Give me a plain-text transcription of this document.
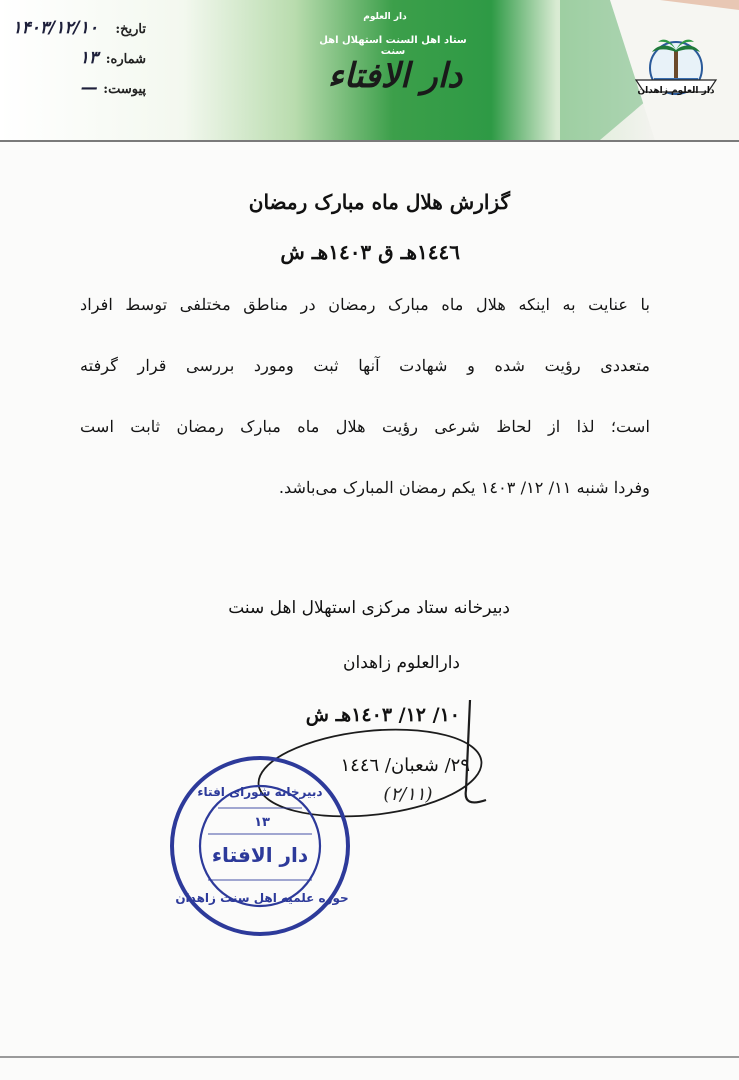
دار العلوم
ستاد اهل السنت استهلال اهل سنت
دار الافتاء	دار العلوم زاهدان
تاریخ:
۱۴۰۳/۱۲/۱۰
شماره:
۱۳
پیوست:
—
گزارش هلال ماه مبارک رمضان
١٤٤٦هـ ق ١٤٠٣هـ ش
با عنایت به اینکه هلال ماه مبارک رمضان در مناطق مختلفی توسط افراد
متعددی رؤیت شده و شهادت آنها ثبت ومورد بررسی قرار گرفته
است؛ لذا از لحاظ شرعی رؤیت هلال ماه مبارک رمضان ثابت است
وفردا شنبه ١١/ ١٢/ ١٤٠٣ یکم رمضان المبارک می‌باشد.
دبیرخانه ستاد مرکزی استهلال اهل سنت
دارالعلوم زاهدان
١٠/ ١٢/ ١٤٠٣هـ ش
٢٩/ شعبان/ ١٤٤٦
(٢/١١)
دبیرخانه شورای افتاء
١٣
دار الافتاء
حوزه علمیه اهل سنت زاهدان
